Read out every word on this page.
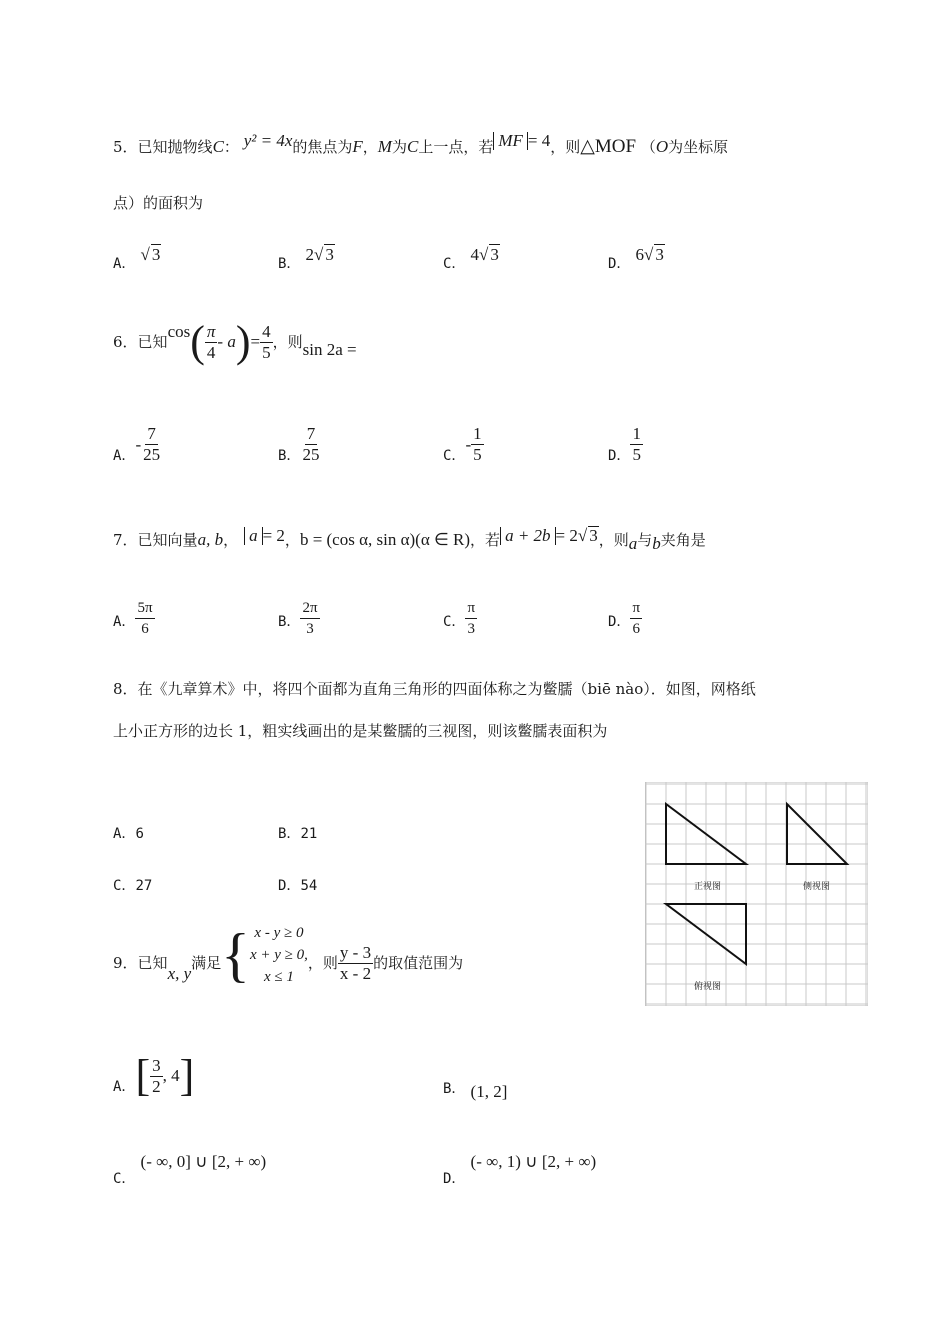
5．已知抛物线C： y² = 4x的焦点为F，M为C上一点，若 MF = 4，则△MOF （O为坐标原
点）的面积为
A． √ 3	B． 2√ 3	C． 4√ 3	D． 6√ 3
6． 已知
cos ( $\frac{\pi}{4}$ - a ) = $\frac{4}{5}$ ，则 sin 2a =
A．
- $\frac{7}{25}$	B． $\frac{7}{25}$	C．
- $\frac{1}{5}$	D． $\frac{1}{5}$
7． 已知向量 a, b ， a = 2 ， b = (cos α, sin α)(α ∈ R) ，若 a + 2b = 2√ 3 ，则 a 与 b 夹角是
A． $\frac{5\pi}{6}$	B． $\frac{2\pi}{3}$	C． $\frac{\pi}{3}$	D． $\frac{\pi}{6}$
8．在《九章算术》中，将四个面都为直角三角形的四面体称之为鳖臑（biē nào）．如图，网格纸
上小正方形的边长 1，粗实线画出的是某鳖臑的三视图，则该鳖臑表面积为
A．6	B．21
C．27	D．54	正视图	侧视图
俯视图
9． 已知
x, y
满足 { x - y ≥ 0
x + y ≥ 0,
x ≤ 1
，则 $\frac{y - 3}{x - 2}$ 的取值范围为
A． [ $\frac{3}{2}$ , 4 ]	B． (1, 2]
C． (- ∞, 0] ∪ [2, + ∞)
D． (- ∞, 1) ∪ [2, + ∞)
